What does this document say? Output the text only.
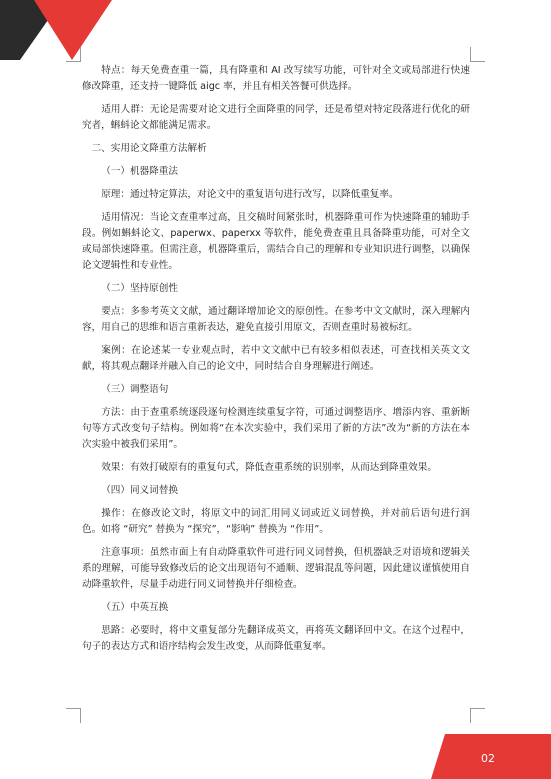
特点：每天免费查重一篇，具有降重和 AI 改写续写功能，可针对全文或局部进行快速修改降重，还支持一键降低 aigc 率，并且有相关答餐可供选择。

适用人群：无论是需要对论文进行全面降重的同学，还是希望对特定段落进行优化的研究者，蝌蚪论文都能满足需求。

二、实用论文降重方法解析

（一）机器降重法

原理：通过特定算法，对论文中的重复语句进行改写，以降低重复率。

适用情况：当论文查重率过高，且交稿时间紧张时，机器降重可作为快速降重的辅助手段。例如蝌蚪论文、paperwx、paperxx 等软件，能免费查重且具备降重功能，可对全文或局部快速降重。但需注意，机器降重后，需结合自己的理解和专业知识进行调整，以确保论文逻辑性和专业性。

（二）坚持原创性

要点：多参考英文文献，通过翻译增加论文的原创性。在参考中文文献时，深入理解内容，用自己的思维和语言重新表达，避免直接引用原文，否则查重时易被标红。

案例：在论述某一专业观点时，若中文文献中已有较多相似表述，可查找相关英文文献，将其观点翻译并融入自己的论文中，同时结合自身理解进行阐述。

（三）调整语句

方法：由于查重系统逐段逐句检测连续重复字符，可通过调整语序、增添内容、重新断句等方式改变句子结构。例如将“在本次实验中，我们采用了新的方法”改为“新的方法在本次实验中被我们采用”。

效果：有效打破原有的重复句式，降低查重系统的识别率，从而达到降重效果。

（四）同义词替换

操作：在修改论文时，将原文中的词汇用同义词或近义词替换，并对前后语句进行润色。如将 “研究” 替换为 “探究”，“影响” 替换为 “作用”。

注意事项：虽然市面上有自动降重软件可进行同义词替换，但机器缺乏对语境和逻辑关系的理解，可能导致修改后的论文出现语句不通顺、逻辑混乱等问题，因此建议谨慎使用自动降重软件，尽量手动进行同义词替换并仔细检查。

（五）中英互换

思路：必要时，将中文重复部分先翻译成英文，再将英文翻译回中文。在这个过程中，句子的表达方式和语序结构会发生改变，从而降低重复率。

02
